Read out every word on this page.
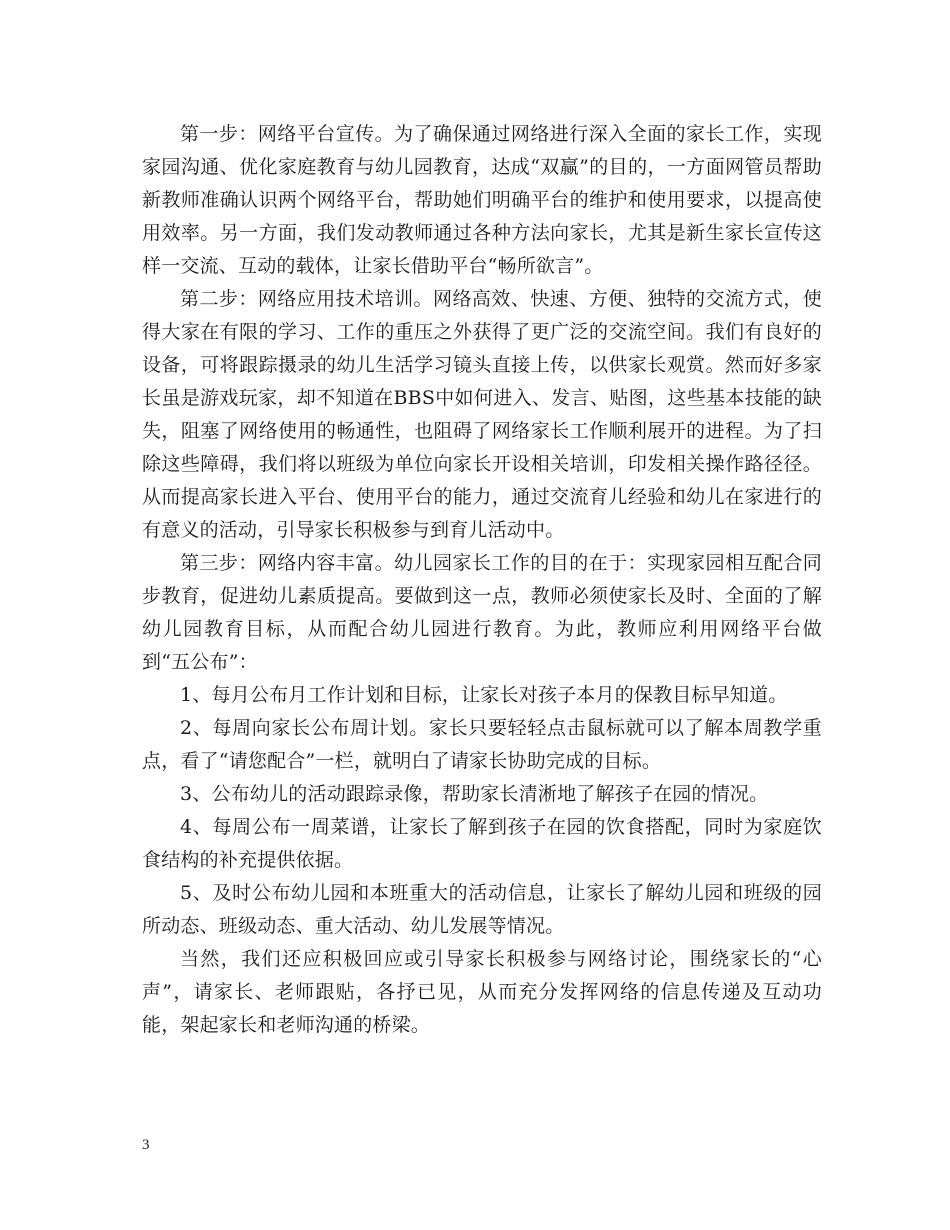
第一步：网络平台宣传。为了确保通过网络进行深入全面的家长工作，实现家园沟通、优化家庭教育与幼儿园教育，达成“双赢”的目的，一方面网管员帮助新教师准确认识两个网络平台，帮助她们明确平台的维护和使用要求，以提高使用效率。另一方面，我们发动教师通过各种方法向家长，尤其是新生家长宣传这样一交流、互动的载体，让家长借助平台“畅所欲言”。

第二步：网络应用技术培训。网络高效、快速、方便、独特的交流方式，使得大家在有限的学习、工作的重压之外获得了更广泛的交流空间。我们有良好的设备，可将跟踪摄录的幼儿生活学习镜头直接上传，以供家长观赏。然而好多家长虽是游戏玩家，却不知道在BBS中如何进入、发言、贴图，这些基本技能的缺失，阻塞了网络使用的畅通性，也阻碍了网络家长工作顺利展开的进程。为了扫除这些障碍，我们将以班级为单位向家长开设相关培训，印发相关操作路径径。从而提高家长进入平台、使用平台的能力，通过交流育儿经验和幼儿在家进行的有意义的活动，引导家长积极参与到育儿活动中。

第三步：网络内容丰富。幼儿园家长工作的目的在于：实现家园相互配合同步教育，促进幼儿素质提高。要做到这一点，教师必须使家长及时、全面的了解幼儿园教育目标，从而配合幼儿园进行教育。为此，教师应利用网络平台做到“五公布”：

1、每月公布月工作计划和目标，让家长对孩子本月的保教目标早知道。

2、每周向家长公布周计划。家长只要轻轻点击鼠标就可以了解本周教学重点，看了“请您配合”一栏，就明白了请家长协助完成的目标。

3、公布幼儿的活动跟踪录像，帮助家长清淅地了解孩子在园的情况。

4、每周公布一周菜谱，让家长了解到孩子在园的饮食搭配，同时为家庭饮食结构的补充提供依据。

5、及时公布幼儿园和本班重大的活动信息，让家长了解幼儿园和班级的园所动态、班级动态、重大活动、幼儿发展等情况。

当然，我们还应积极回应或引导家长积极参与网络讨论，围绕家长的“心声”，请家长、老师跟贴，各抒已见，从而充分发挥网络的信息传递及互动功能，架起家长和老师沟通的桥梁。

3
